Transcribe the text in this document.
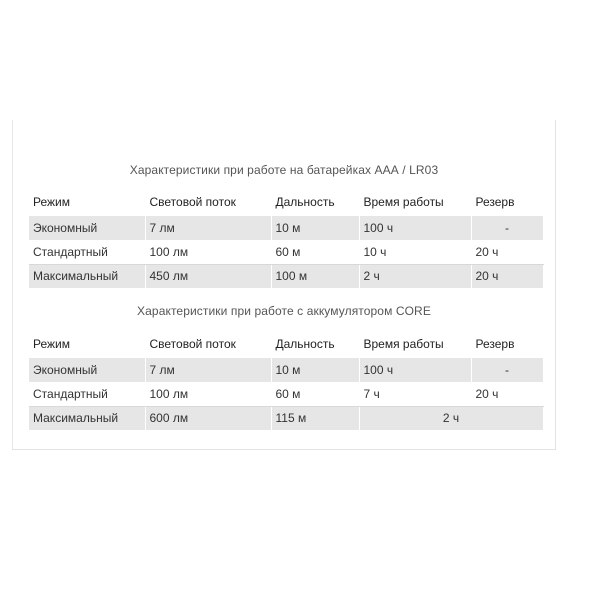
Характеристики при работе на батарейках ААА / LR03
Режим	Световой поток	Дальность	Время работы	Резерв
Экономный	7 лм	10 м	100 ч	-
Стандартный	100 лм	60 м	10 ч	20 ч
Максимальный	450 лм	100 м	2 ч	20 ч
Характеристики при работе с аккумулятором CORE
Режим	Световой поток	Дальность	Время работы	Резерв
Экономный	7 лм	10 м	100 ч	-
Стандартный	100 лм	60 м	7 ч	20 ч
Максимальный	600 лм	115 м	2 ч	
